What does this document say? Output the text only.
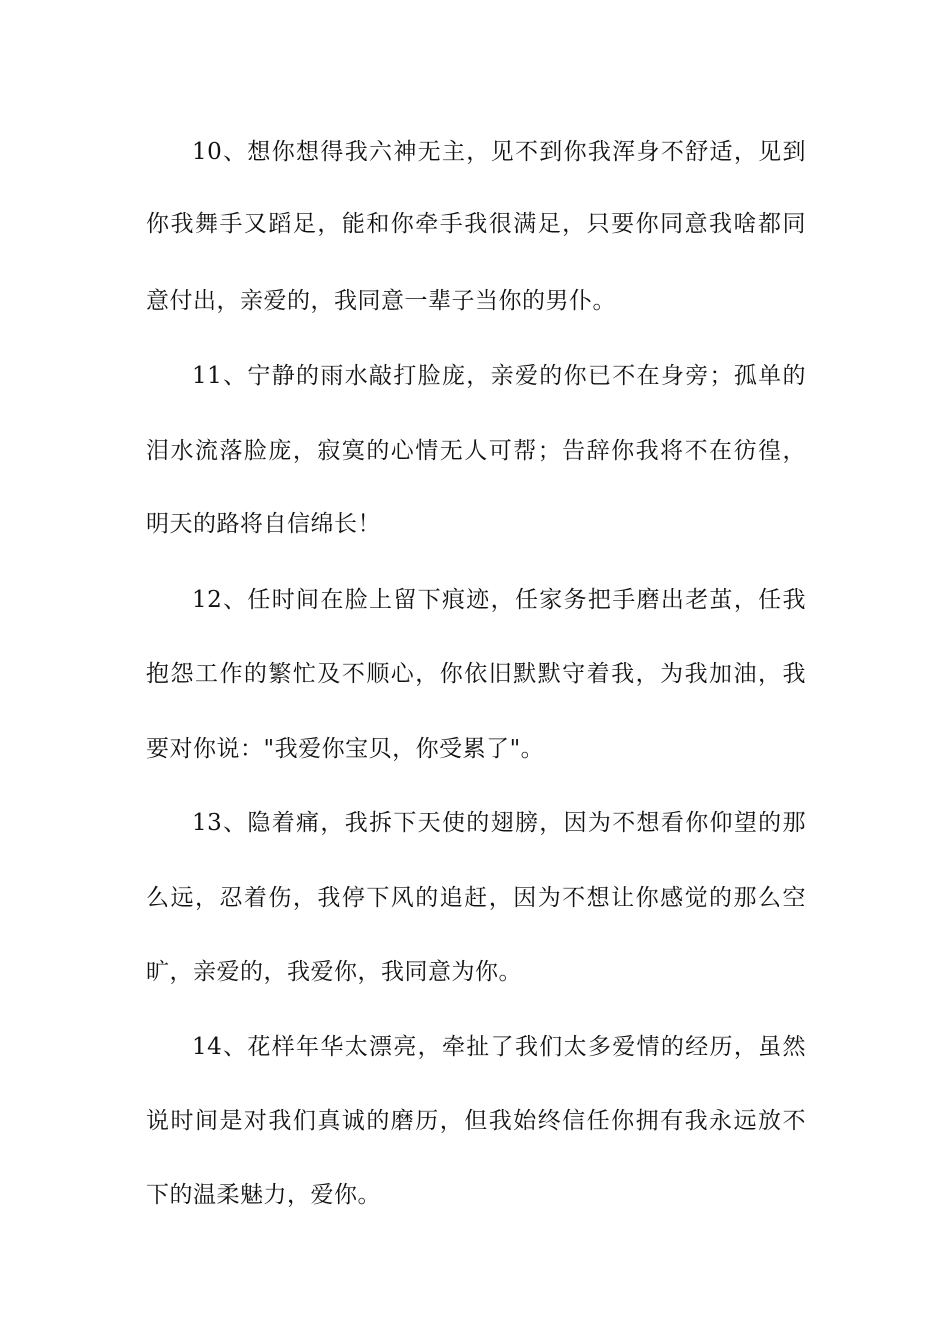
10、想你想得我六神无主，见不到你我浑身不舒适，见到
你我舞手又蹈足，能和你牵手我很满足，只要你同意我啥都同
意付出，亲爱的，我同意一辈子当你的男仆。
11、宁静的雨水敲打脸庞，亲爱的你已不在身旁；孤单的
泪水流落脸庞，寂寞的心情无人可帮；告辞你我将不在彷徨，
明天的路将自信绵长！
12、任时间在脸上留下痕迹，任家务把手磨出老茧，任我
抱怨工作的繁忙及不顺心，你依旧默默守着我，为我加油，我
要对你说："我爱你宝贝，你受累了"。
13、隐着痛，我拆下天使的翅膀，因为不想看你仰望的那
么远，忍着伤，我停下风的追赶，因为不想让你感觉的那么空
旷，亲爱的，我爱你，我同意为你。
14、花样年华太漂亮，牵扯了我们太多爱情的经历，虽然
说时间是对我们真诚的磨历，但我始终信任你拥有我永远放不
下的温柔魅力，爱你。
